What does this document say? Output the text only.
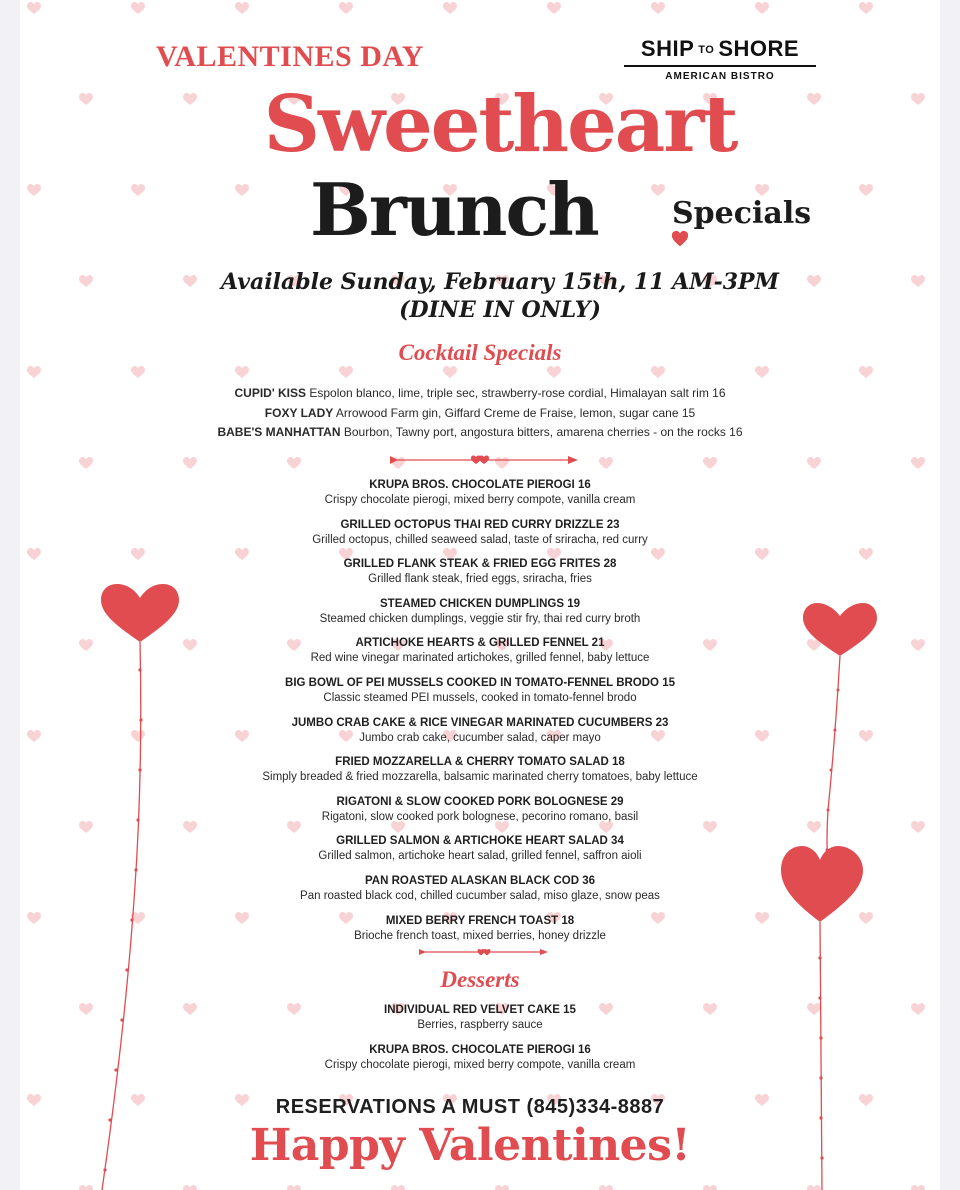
VALENTINES DAY	SHIP TO SHORE
AMERICAN BISTRO
Sweetheart
Brunch	Specials
Available Sunday, February 15th, 11 AM-3PM
(DINE IN ONLY)
Cocktail Specials
CUPID' KISS Espolon blanco, lime, triple sec, strawberry-rose cordial, Himalayan salt rim 16
FOXY LADY Arrowood Farm gin, Giffard Creme de Fraise, lemon, sugar cane 15
BABE'S MANHATTAN Bourbon, Tawny port, angostura bitters, amarena cherries - on the rocks 16
KRUPA BROS. CHOCOLATE PIEROGI 16
Crispy chocolate pierogi, mixed berry compote, vanilla cream
GRILLED OCTOPUS THAI RED CURRY DRIZZLE 23
Grilled octopus, chilled seaweed salad, taste of sriracha, red curry
GRILLED FLANK STEAK & FRIED EGG FRITES 28
Grilled flank steak, fried eggs, sriracha, fries
STEAMED CHICKEN DUMPLINGS 19
Steamed chicken dumplings, veggie stir fry, thai red curry broth
ARTICHOKE HEARTS & GRILLED FENNEL 21
Red wine vinegar marinated artichokes, grilled fennel, baby lettuce
BIG BOWL OF PEI MUSSELS COOKED IN TOMATO-FENNEL BRODO 15
Classic steamed PEI mussels, cooked in tomato-fennel brodo
JUMBO CRAB CAKE & RICE VINEGAR MARINATED CUCUMBERS 23
Jumbo crab cake, cucumber salad, caper mayo
FRIED MOZZARELLA & CHERRY TOMATO SALAD 18
Simply breaded & fried mozzarella, balsamic marinated cherry tomatoes, baby lettuce
RIGATONI & SLOW COOKED PORK BOLOGNESE 29
Rigatoni, slow cooked pork bolognese, pecorino romano, basil
GRILLED SALMON & ARTICHOKE HEART SALAD 34
Grilled salmon, artichoke heart salad, grilled fennel, saffron aioli
PAN ROASTED ALASKAN BLACK COD 36
Pan roasted black cod, chilled cucumber salad, miso glaze, snow peas
MIXED BERRY FRENCH TOAST 18
Brioche french toast, mixed berries, honey drizzle
Desserts
INDIVIDUAL RED VELVET CAKE 15
Berries, raspberry sauce
KRUPA BROS. CHOCOLATE PIEROGI 16
Crispy chocolate pierogi, mixed berry compote, vanilla cream
RESERVATIONS A MUST (845)334-8887
Happy Valentines!
